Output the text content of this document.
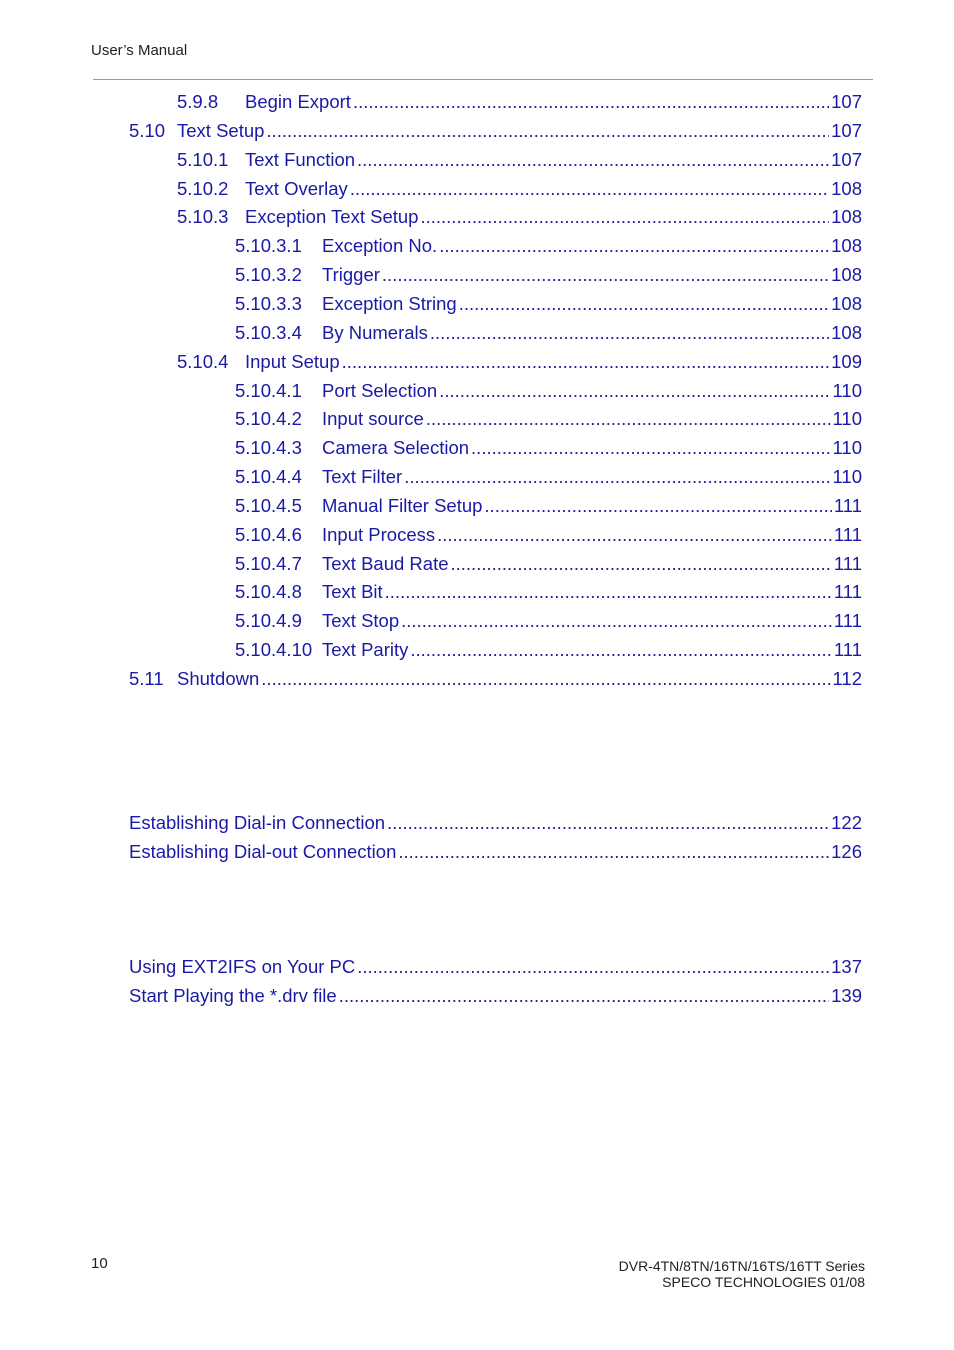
User’s Manual
5.9.8	Begin Export .....	107
5.10 Text Setup .....	107
5.10.1 Text Function .....	107
5.10.2 Text Overlay .....	108
5.10.3 Exception Text Setup .....	108
5.10.3.1	Exception No. .....	108
5.10.3.2	Trigger .....	108
5.10.3.3	Exception String .....	108
5.10.3.4	By Numerals .....	108
5.10.4 Input Setup .....	109
5.10.4.1	Port Selection .....	110
5.10.4.2	Input source .....	110
5.10.4.3	Camera Selection .....	110
5.10.4.4	Text Filter .....	110
5.10.4.5	Manual Filter Setup .....	111
5.10.4.6	Input Process .....	111
5.10.4.7	Text Baud Rate .....	111
5.10.4.8	Text Bit .....	111
5.10.4.9	Text Stop .....	111
5.10.4.10 Text Parity .....	111
5.11 Shutdown .....	112
Establishing Dial-in Connection .....	122
Establishing Dial-out Connection .....	126
Using EXT2IFS on Your PC .....	137
Start Playing the *.drv file .....	139
10	DVR-4TN/8TN/16TN/16TS/16TT Series
SPECO TECHNOLOGIES 01/08
